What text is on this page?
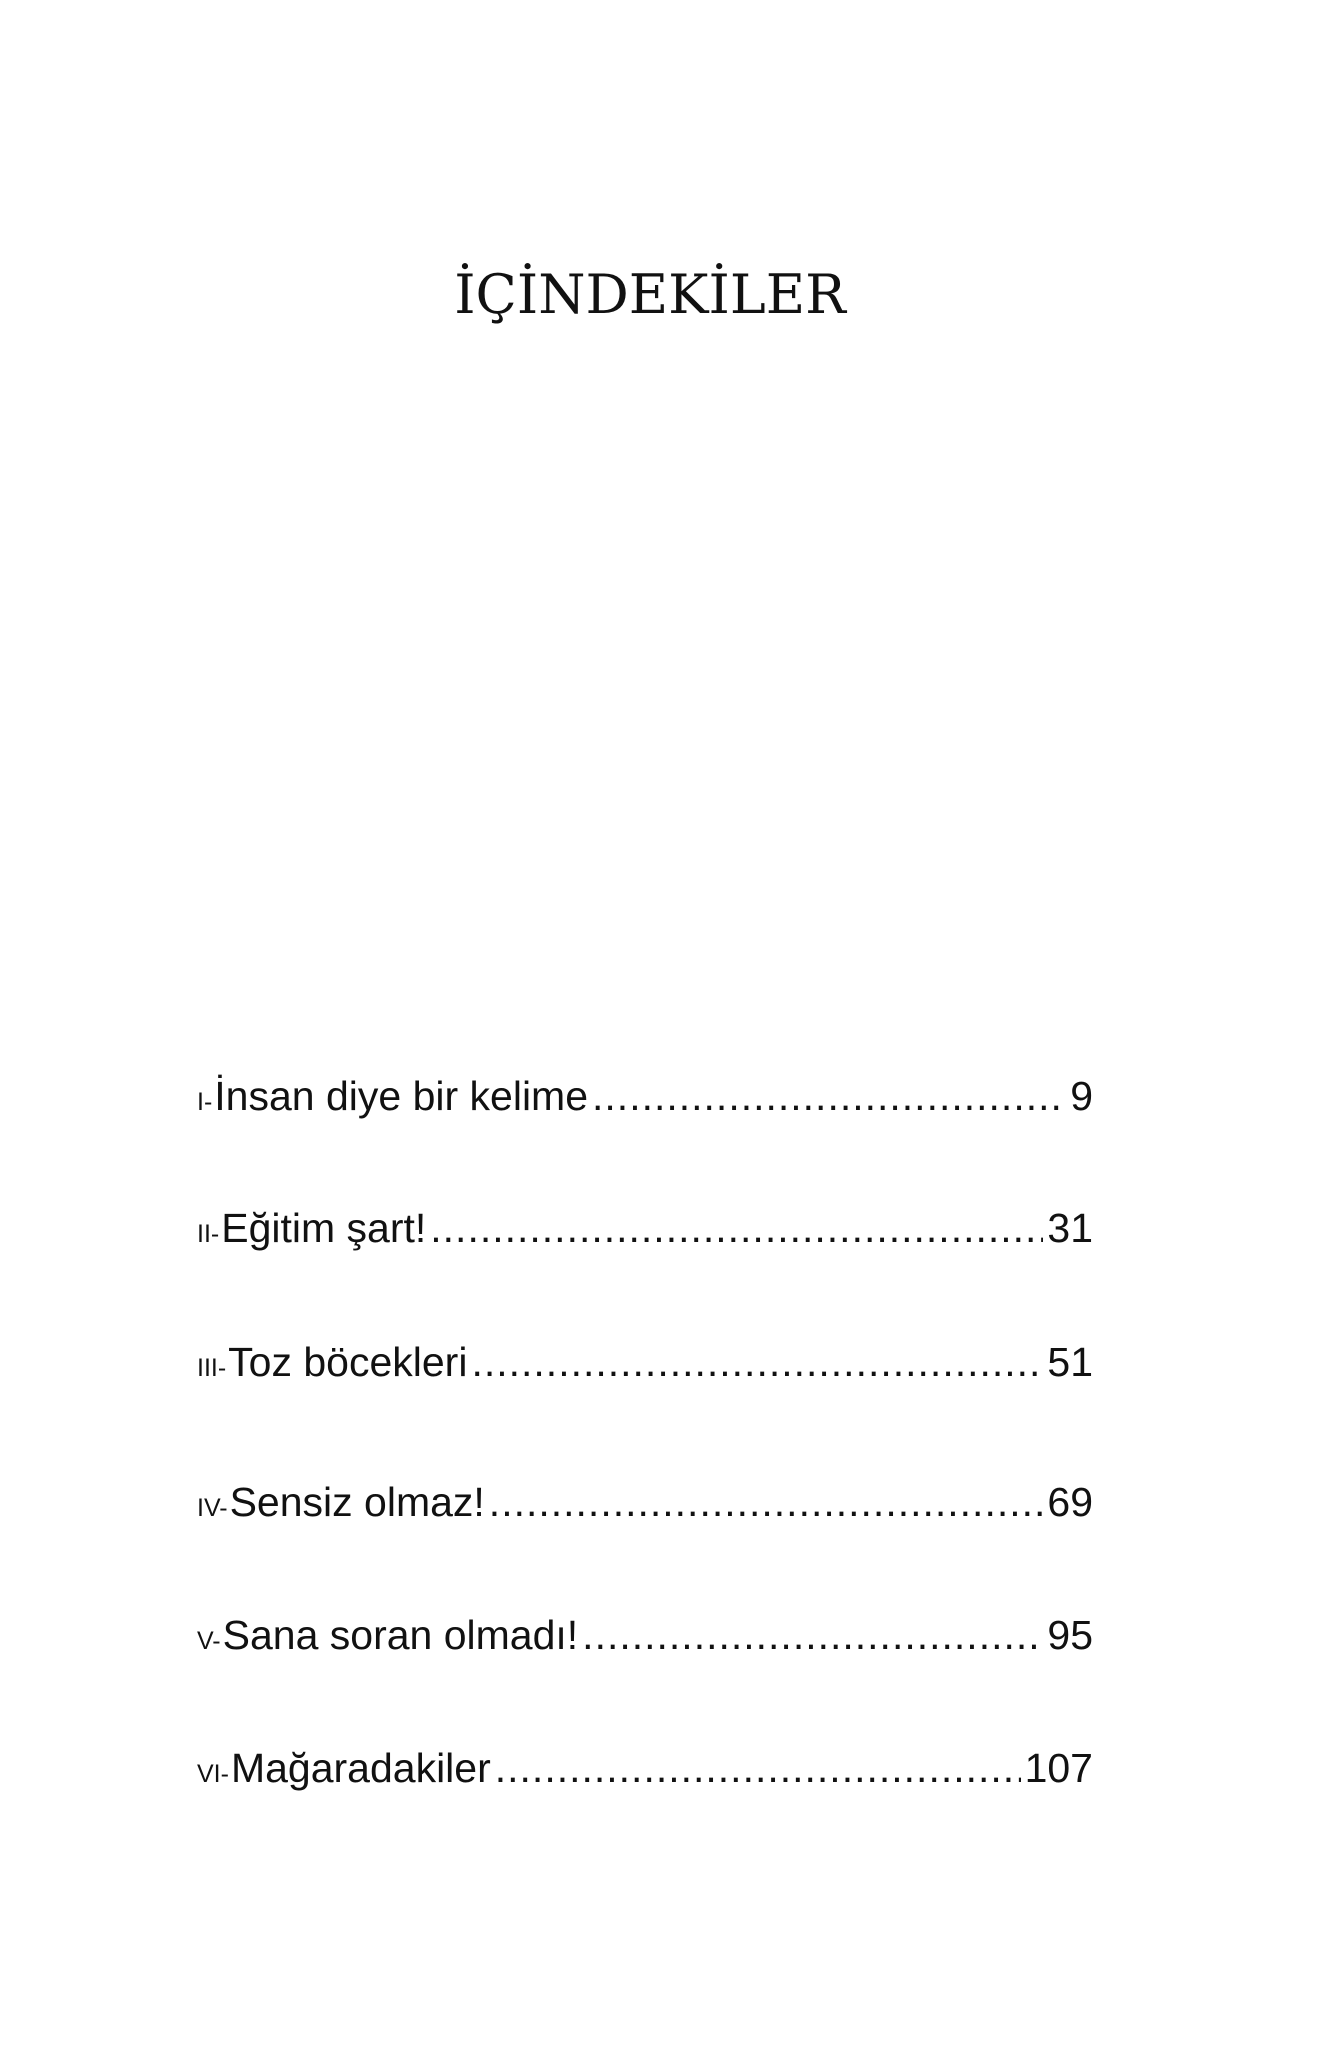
İÇİNDEKİLER
I- İnsan diye bir kelime .....	9
II- Eğitim şart! .....	31
III- Toz böcekleri .....	51
IV- Sensiz olmaz! .....	69
V- Sana soran olmadı! .....	95
VI- Mağaradakiler .....	107
